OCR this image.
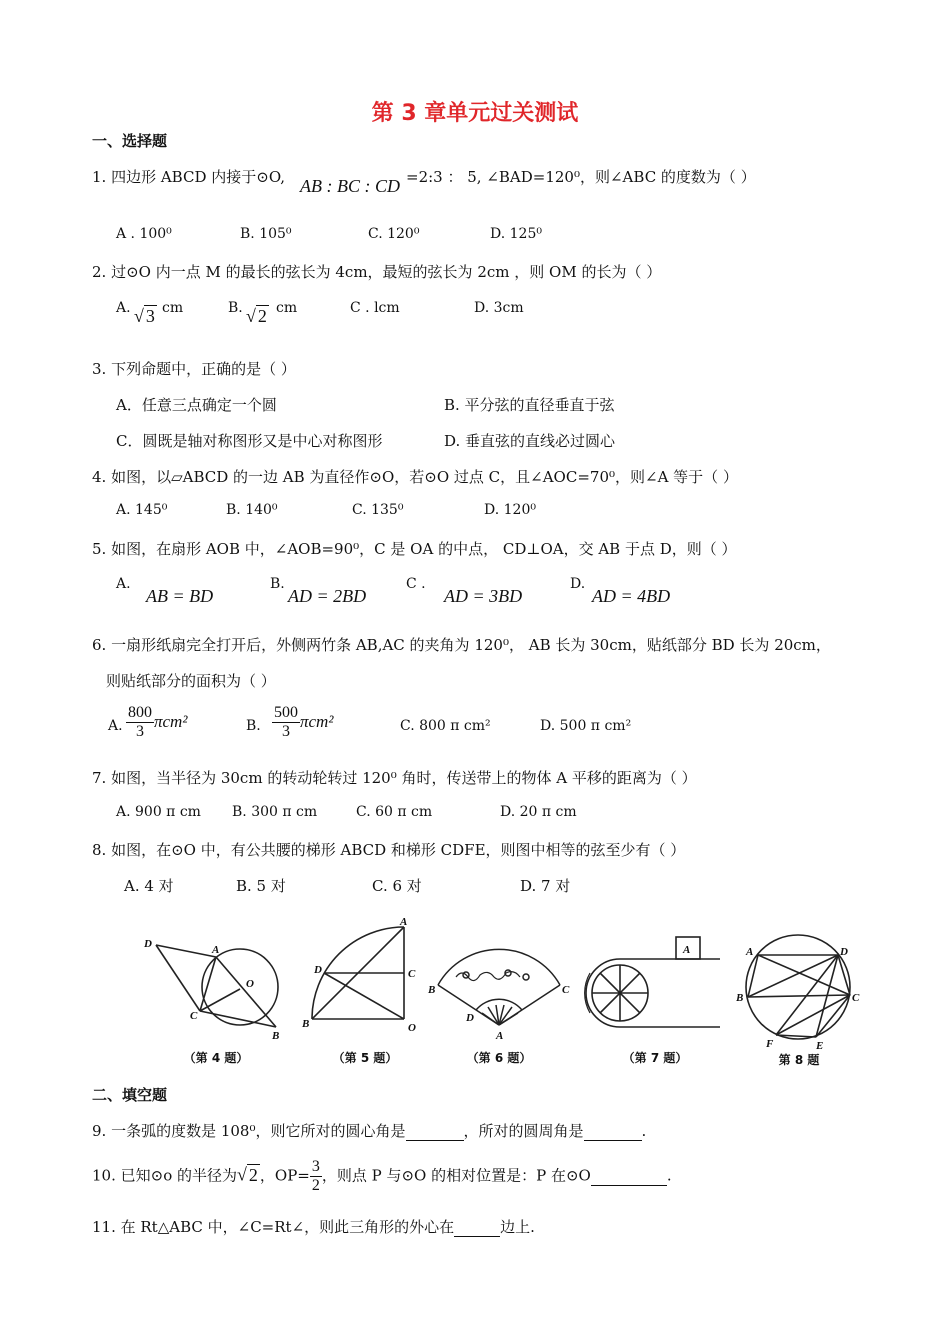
第 3 章单元过关测试
一、选择题
1. 四边形 ABCD 内接于⊙O, AB : BC : CD =2:3 ： 5, ∠BAD=120⁰，则∠ABC 的度数为（ ）
A . 100⁰	B. 105⁰	C. 120⁰	D. 125⁰
2. 过⊙O 内一点 M 的最长的弦长为 4cm，最短的弦长为 2cm ，则 OM 的长为（ ）
A. √ 3 cm	B. √ 2 cm	C . lcm	D. 3cm
3. 下列命题中，正确的是（ ）
A．任意三点确定一个圆	B. 平分弦的直径垂直于弦
C．圆既是轴对称图形又是中心对称图形	D. 垂直弦的直线必过圆心
4. 如图，以▱ABCD 的一边 AB 为直径作⊙O，若⊙O 过点 C，且∠AOC=70⁰，则∠A 等于（ ）
A. 145⁰	B. 140⁰	C. 135⁰	D. 120⁰
5. 如图，在扇形 AOB 中，∠AOB=90⁰，C 是 OA 的中点， CD⊥OA，交 AB 于点 D，则（ ）
A.
AB = BD
B.
AD = 2BD
C .
AD = 3BD
D.
AD = 4BD
6. 一扇形纸扇完全打开后，外侧两竹条 AB,AC 的夹角为 120⁰， AB 长为 30cm，贴纸部分 BD 长为 20cm，
则贴纸部分的面积为（ ）
A. $\frac{800}{3} \pi cm^2$	B. $\frac{500}{3} \pi cm^2$	C. 800 π cm²	D. 500 π cm²
7. 如图，当半径为 30cm 的转动轮转过 120⁰ 角时，传送带上的物体 A 平移的距离为（ ）
A. 900 π cm B. 300 π cm	C. 60 π cm	D. 20 π cm
8. 如图，在⊙O 中，有公共腰的梯形 ABCD 和梯形 CDFE，则图中相等的弦至少有（ ）
A. 4 对	B. 5 对	C. 6 对	D. 7 对
D	A
O
C
B
（第 4 题）
A
D	C
B	O
（第 5 题）
B	C
D
A
（第 6 题）
A
（第 7 题）
A	D
B	C
F	E
第 8 题
二、填空题
9. 一条弧的度数是 108⁰，则它所对的圆心角是	，所对的圆周角是	.
10. 已知⊙o 的半径为√ 2 ，$OP= \frac{3}{2}$ ，则点 P 与⊙O 的相对位置是：P 在⊙O	.
11. 在 Rt△ABC 中，∠C=Rt∠，则此三角形的外心在	边上.
